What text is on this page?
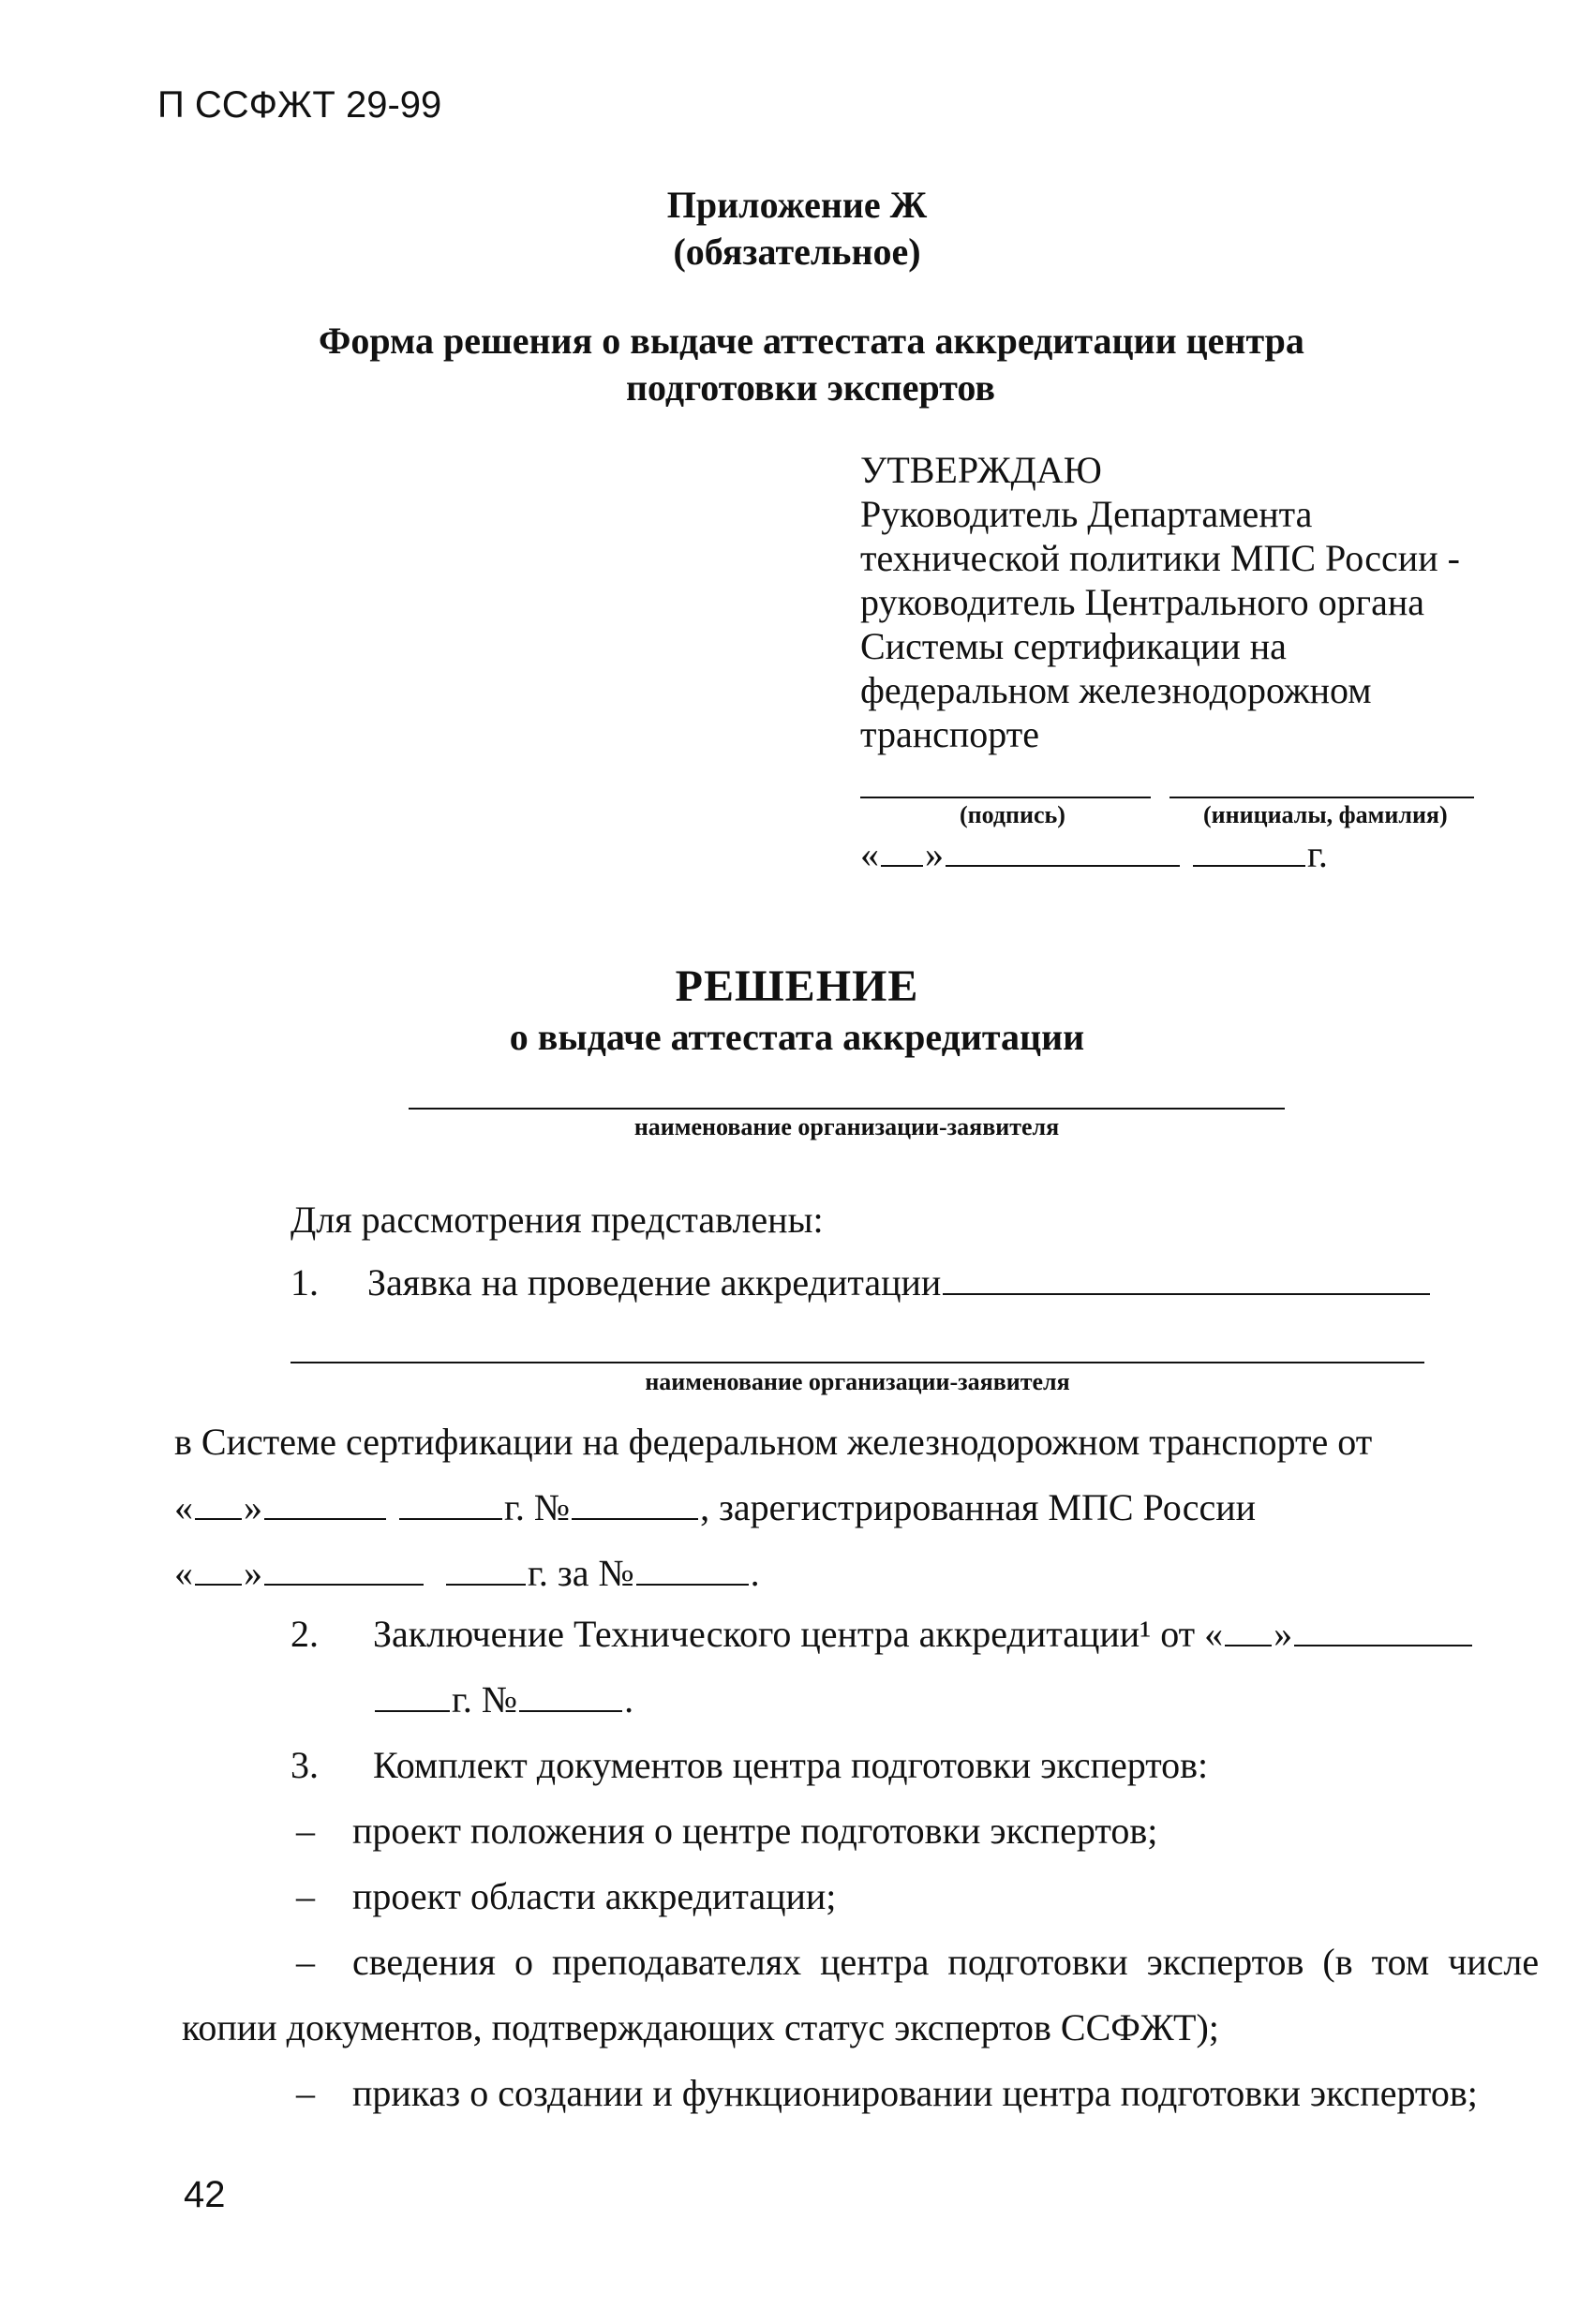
П ССФЖТ 29-99
Приложение Ж
(обязательное)
Форма решения о выдаче аттестата аккредитации центра
подготовки экспертов
УТВЕРЖДАЮ
Руководитель Департамента
технической политики МПС России -
руководитель Центрального органа
Системы сертификации на
федеральном железнодорожном
транспорте
(подпись)	(инициалы, фамилия)
« »	г.
РЕШЕНИЕ
о выдаче аттестата аккредитации
наименование организации-заявителя
Для рассмотрения представлены:
1. Заявка на проведение аккредитации
наименование организации-заявителя
в Системе сертификации на федеральном железнодорожном транспорте от
« »	г. №	, зарегистрированная МПС России
« »	г. за №	.
2. Заключение Технического центра аккредитации¹ от « »
г. №	.
3. Комплект документов центра подготовки экспертов:
– проект положения о центре подготовки экспертов;
– проект области аккредитации;
– сведения о преподавателях центра подготовки экспертов (в том числе
копии документов, подтверждающих статус экспертов ССФЖТ);
– приказ о создании и функционировании центра подготовки экспертов;
42
